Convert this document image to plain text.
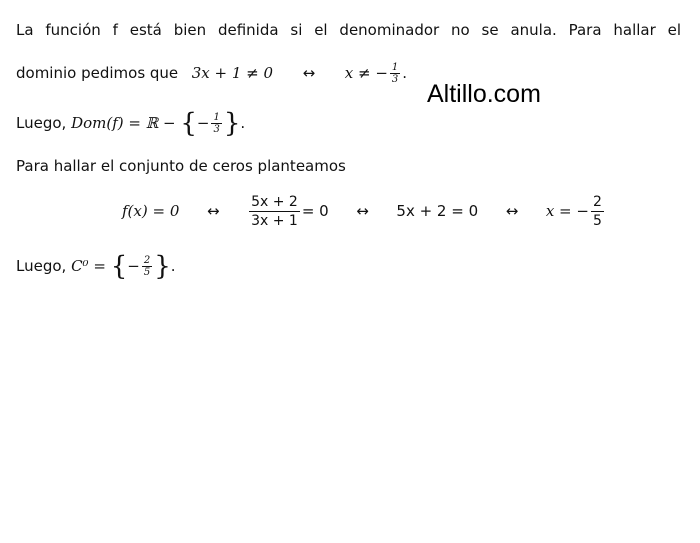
La función f está bien definida si el denominador no se anula. Para hallar el
dominio pedimos que 3x + 1 ≠ 0 ↔ x ≠ − $\frac{1}{3}$ .
Altillo.com
Luego, Dom(f) = ℝ − {− $\frac{1}{3}$ }.
Para hallar el conjunto de ceros planteamos
f(x) = 0 ↔ $\frac{5x + 2}{3x + 1} = 0$ ↔ 5x + 2 = 0 ↔ x = − $\frac{2}{5}$
Luego, C⁰ = {− $\frac{2}{5}$ }.
